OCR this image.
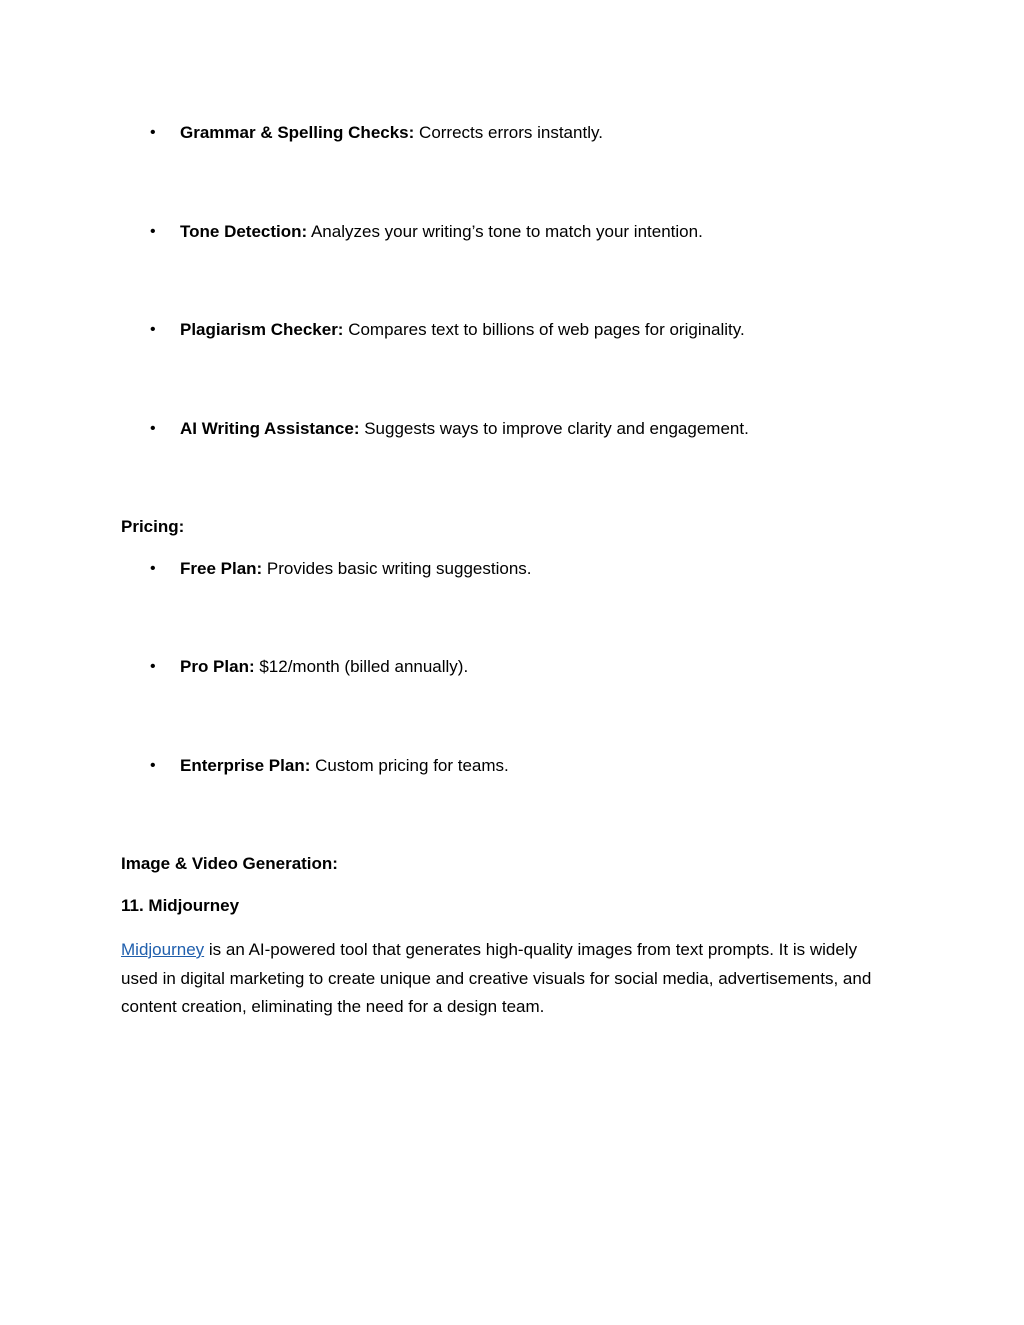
•	Grammar & Spelling Checks: Corrects errors instantly.
•	Tone Detection: Analyzes your writing’s tone to match your intention.
•	Plagiarism Checker: Compares text to billions of web pages for originality.
•	AI Writing Assistance: Suggests ways to improve clarity and engagement.
Pricing:
•	Free Plan: Provides basic writing suggestions.
•	Pro Plan: $12/month (billed annually).
•	Enterprise Plan: Custom pricing for teams.
Image & Video Generation:
11. Midjourney
Midjourney is an AI-powered tool that generates high-quality images from text prompts. It is widely used in digital marketing to create unique and creative visuals for social media, advertisements, and content creation, eliminating the need for a design team.
